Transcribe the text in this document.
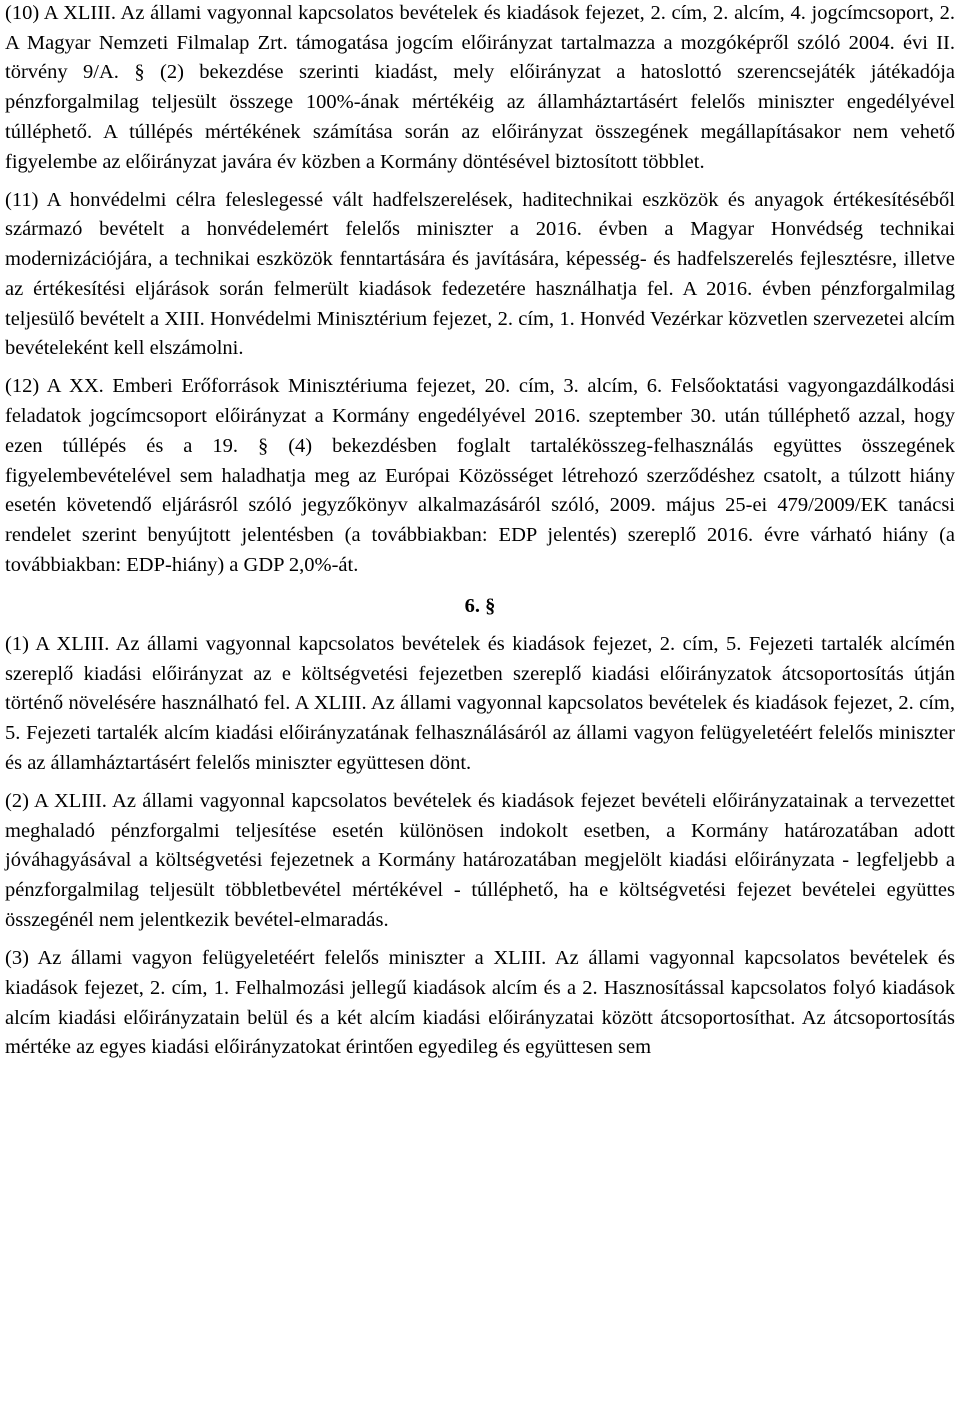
(10) A XLIII. Az állami vagyonnal kapcsolatos bevételek és kiadások fejezet, 2. cím, 2. alcím, 4. jogcímcsoport, 2. A Magyar Nemzeti Filmalap Zrt. támogatása jogcím előirányzat tartalmazza a mozgóképről szóló 2004. évi II. törvény 9/A. § (2) bekezdése szerinti kiadást, mely előirányzat a hatoslottó szerencsejáték játékadója pénzforgalmilag teljesült összege 100%-ának mértékéig az államháztartásért felelős miniszter engedélyével túlléphető. A túllépés mértékének számítása során az előirányzat összegének megállapításakor nem vehető figyelembe az előirányzat javára év közben a Kormány döntésével biztosított többlet.

(11) A honvédelmi célra feleslegessé vált hadfelszerelések, haditechnikai eszközök és anyagok értékesítéséből származó bevételt a honvédelemért felelős miniszter a 2016. évben a Magyar Honvédség technikai modernizációjára, a technikai eszközök fenntartására és javítására, képesség- és hadfelszerelés fejlesztésre, illetve az értékesítési eljárások során felmerült kiadások fedezetére használhatja fel. A 2016. évben pénzforgalmilag teljesülő bevételt a XIII. Honvédelmi Minisztérium fejezet, 2. cím, 1. Honvéd Vezérkar közvetlen szervezetei alcím bevételeként kell elszámolni.

(12) A XX. Emberi Erőforrások Minisztériuma fejezet, 20. cím, 3. alcím, 6. Felsőoktatási vagyongazdálkodási feladatok jogcímcsoport előirányzat a Kormány engedélyével 2016. szeptember 30. után túlléphető azzal, hogy ezen túllépés és a 19. § (4) bekezdésben foglalt tartalékösszeg-felhasználás együttes összegének figyelembevételével sem haladhatja meg az Európai Közösséget létrehozó szerződéshez csatolt, a túlzott hiány esetén követendő eljárásról szóló jegyzőkönyv alkalmazásáról szóló, 2009. május 25-ei 479/2009/EK tanácsi rendelet szerint benyújtott jelentésben (a továbbiakban: EDP jelentés) szereplő 2016. évre várható hiány (a továbbiakban: EDP-hiány) a GDP 2,0%-át.

6. §

(1) A XLIII. Az állami vagyonnal kapcsolatos bevételek és kiadások fejezet, 2. cím, 5. Fejezeti tartalék alcímén szereplő kiadási előirányzat az e költségvetési fejezetben szereplő kiadási előirányzatok átcsoportosítás útján történő növelésére használható fel. A XLIII. Az állami vagyonnal kapcsolatos bevételek és kiadások fejezet, 2. cím, 5. Fejezeti tartalék alcím kiadási előirányzatának felhasználásáról az állami vagyon felügyeletéért felelős miniszter és az államháztartásért felelős miniszter együttesen dönt.

(2) A XLIII. Az állami vagyonnal kapcsolatos bevételek és kiadások fejezet bevételi előirányzatainak a tervezettet meghaladó pénzforgalmi teljesítése esetén különösen indokolt esetben, a Kormány határozatában adott jóváhagyásával a költségvetési fejezetnek a Kormány határozatában megjelölt kiadási előirányzata - legfeljebb a pénzforgalmilag teljesült többletbevétel mértékével - túlléphető, ha e költségvetési fejezet bevételei együttes összegénél nem jelentkezik bevétel-elmaradás.

(3) Az állami vagyon felügyeletéért felelős miniszter a XLIII. Az állami vagyonnal kapcsolatos bevételek és kiadások fejezet, 2. cím, 1. Felhalmozási jellegű kiadások alcím és a 2. Hasznosítással kapcsolatos folyó kiadások alcím kiadási előirányzatain belül és a két alcím kiadási előirányzatai között átcsoportosíthat. Az átcsoportosítás mértéke az egyes kiadási előirányzatokat érintően egyedileg és együttesen sem
